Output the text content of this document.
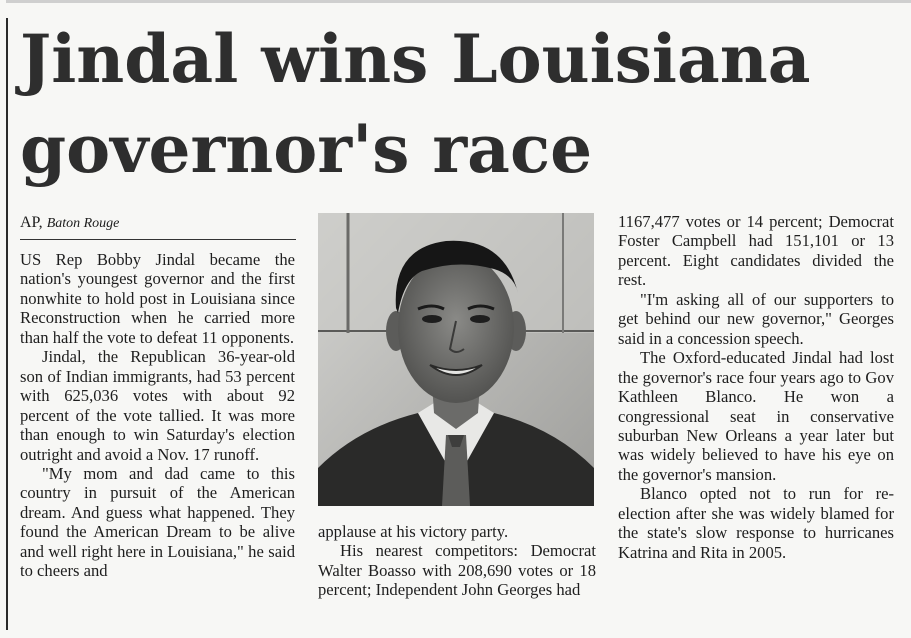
Jindal wins Louisiana governor's race
AP, Baton Rouge

US Rep Bobby Jindal became the nation's youngest governor and the first nonwhite to hold post in Louisiana since Reconstruction when he carried more than half the vote to defeat 11 opponents.

Jindal, the Republican 36-year-old son of Indian immigrants, had 53 percent with 625,036 votes with about 92 percent of the vote tallied. It was more than enough to win Saturday's election outright and avoid a Nov. 17 runoff.

"My mom and dad came to this country in pursuit of the American dream. And guess what happened. They found the American Dream to be alive and well right here in Louisiana," he said to cheers and

applause at his victory party.

His nearest competitors: Democrat Walter Boasso with 208,690 votes or 18 percent; Independent John Georges had

1167,477 votes or 14 percent; Democrat Foster Campbell had 151,101 or 13 percent. Eight candidates divided the rest.

"I'm asking all of our supporters to get behind our new governor," Georges said in a concession speech.

The Oxford-educated Jindal had lost the governor's race four years ago to Gov Kathleen Blanco. He won a congressional seat in conservative suburban New Orleans a year later but was widely believed to have his eye on the governor's mansion.

Blanco opted not to run for re-election after she was widely blamed for the state's slow response to hurricanes Katrina and Rita in 2005.
